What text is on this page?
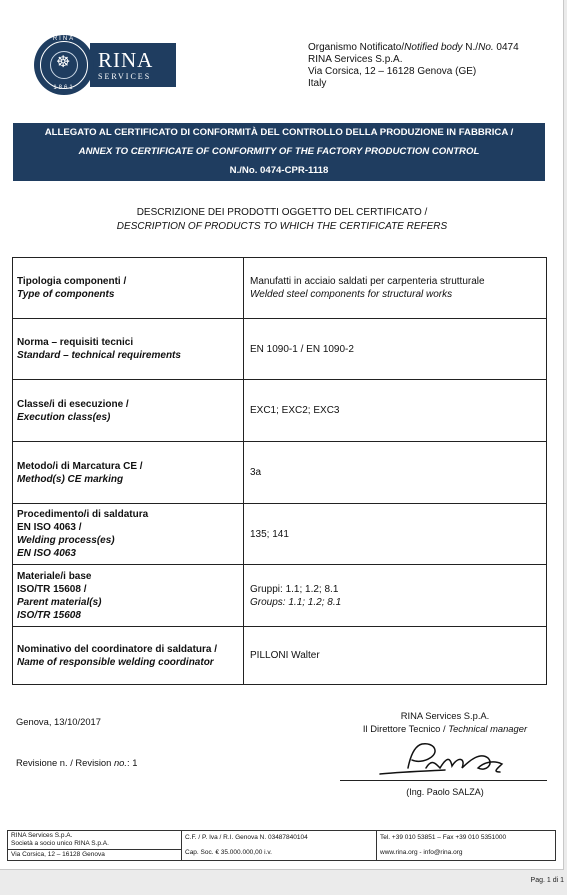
RINA
☸
1861
RINA
SERVICES
Organismo Notificato/Notified body N./No. 0474
RINA Services S.p.A.
Via Corsica, 12 – 16128 Genova (GE)
Italy
ALLEGATO AL CERTIFICATO DI CONFORMITÀ DEL CONTROLLO DELLA PRODUZIONE IN FABBRICA /
ANNEX TO CERTIFICATE OF CONFORMITY OF THE FACTORY PRODUCTION CONTROL
N./No. 0474-CPR-1118
DESCRIZIONE DEI PRODOTTI OGGETTO DEL CERTIFICATO /
DESCRIPTION OF PRODUCTS TO WHICH THE CERTIFICATE REFERS
Tipologia componenti /
Type of components	Manufatti in acciaio saldati per carpenteria strutturale
Welded steel components for structural works

Norma – requisiti tecnici
Standard – technical requirements	EN 1090-1 / EN 1090-2

Classe/i di esecuzione /
Execution class(es)	EXC1; EXC2; EXC3

Metodo/i di Marcatura CE /
Method(s) CE marking	3a

Procedimento/i di saldatura
EN ISO 4063 /
Welding process(es)
EN ISO 4063	135; 141

Materiale/i base
ISO/TR 15608 /
Parent material(s)
ISO/TR 15608	Gruppi: 1.1; 1.2; 8.1
Groups: 1.1; 1.2; 8.1

Nominativo del coordinatore di saldatura /
Name of responsible welding coordinator	PILLONI Walter
Genova, 13/10/2017
Revisione n. / Revision no.: 1
RINA Services S.p.A.
Il Direttore Tecnico / Technical manager
(Ing. Paolo SALZA)
RINA Services S.p.A.
Società a socio unico RINA S.p.A.

C.F. / P. Iva / R.I. Genova N. 03487840104
Cap. Soc. € 35.000.000,00 i.v.

Tel. +39 010 53851 – Fax +39 010 5351000
www.rina.org - info@rina.org

Via Corsica, 12 – 16128 Genova
Pag. 1 di 1
